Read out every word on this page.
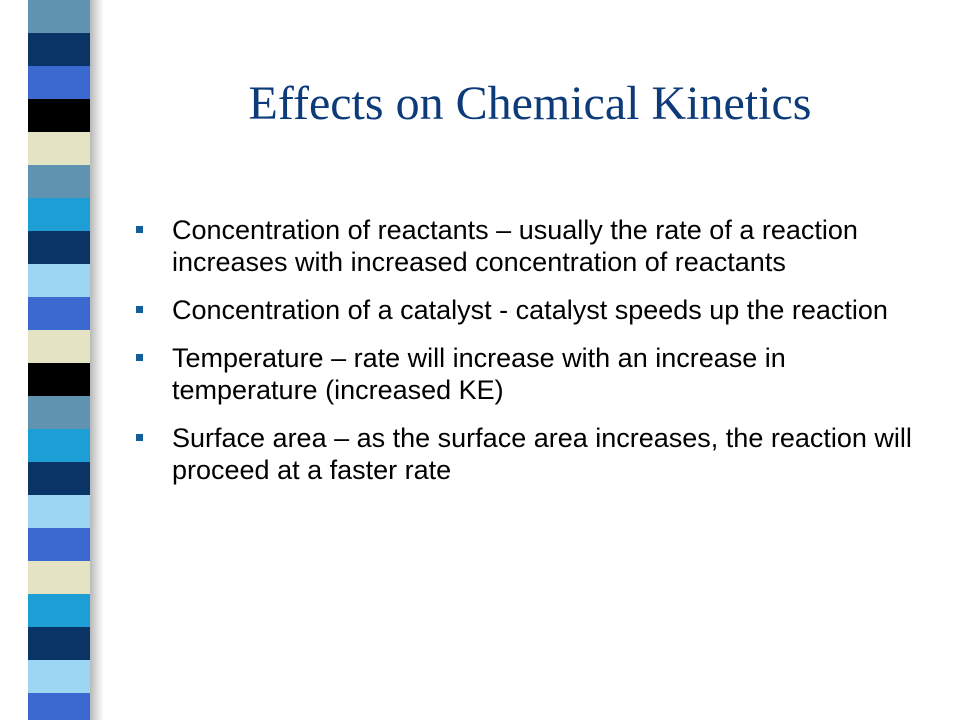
Effects on Chemical Kinetics
Concentration of reactants – usually the rate of a reaction increases with increased concentration of reactants
Concentration of a catalyst - catalyst speeds up the reaction
Temperature – rate will increase with an increase in temperature (increased KE)
Surface area – as the surface area increases, the reaction will proceed at a faster rate
